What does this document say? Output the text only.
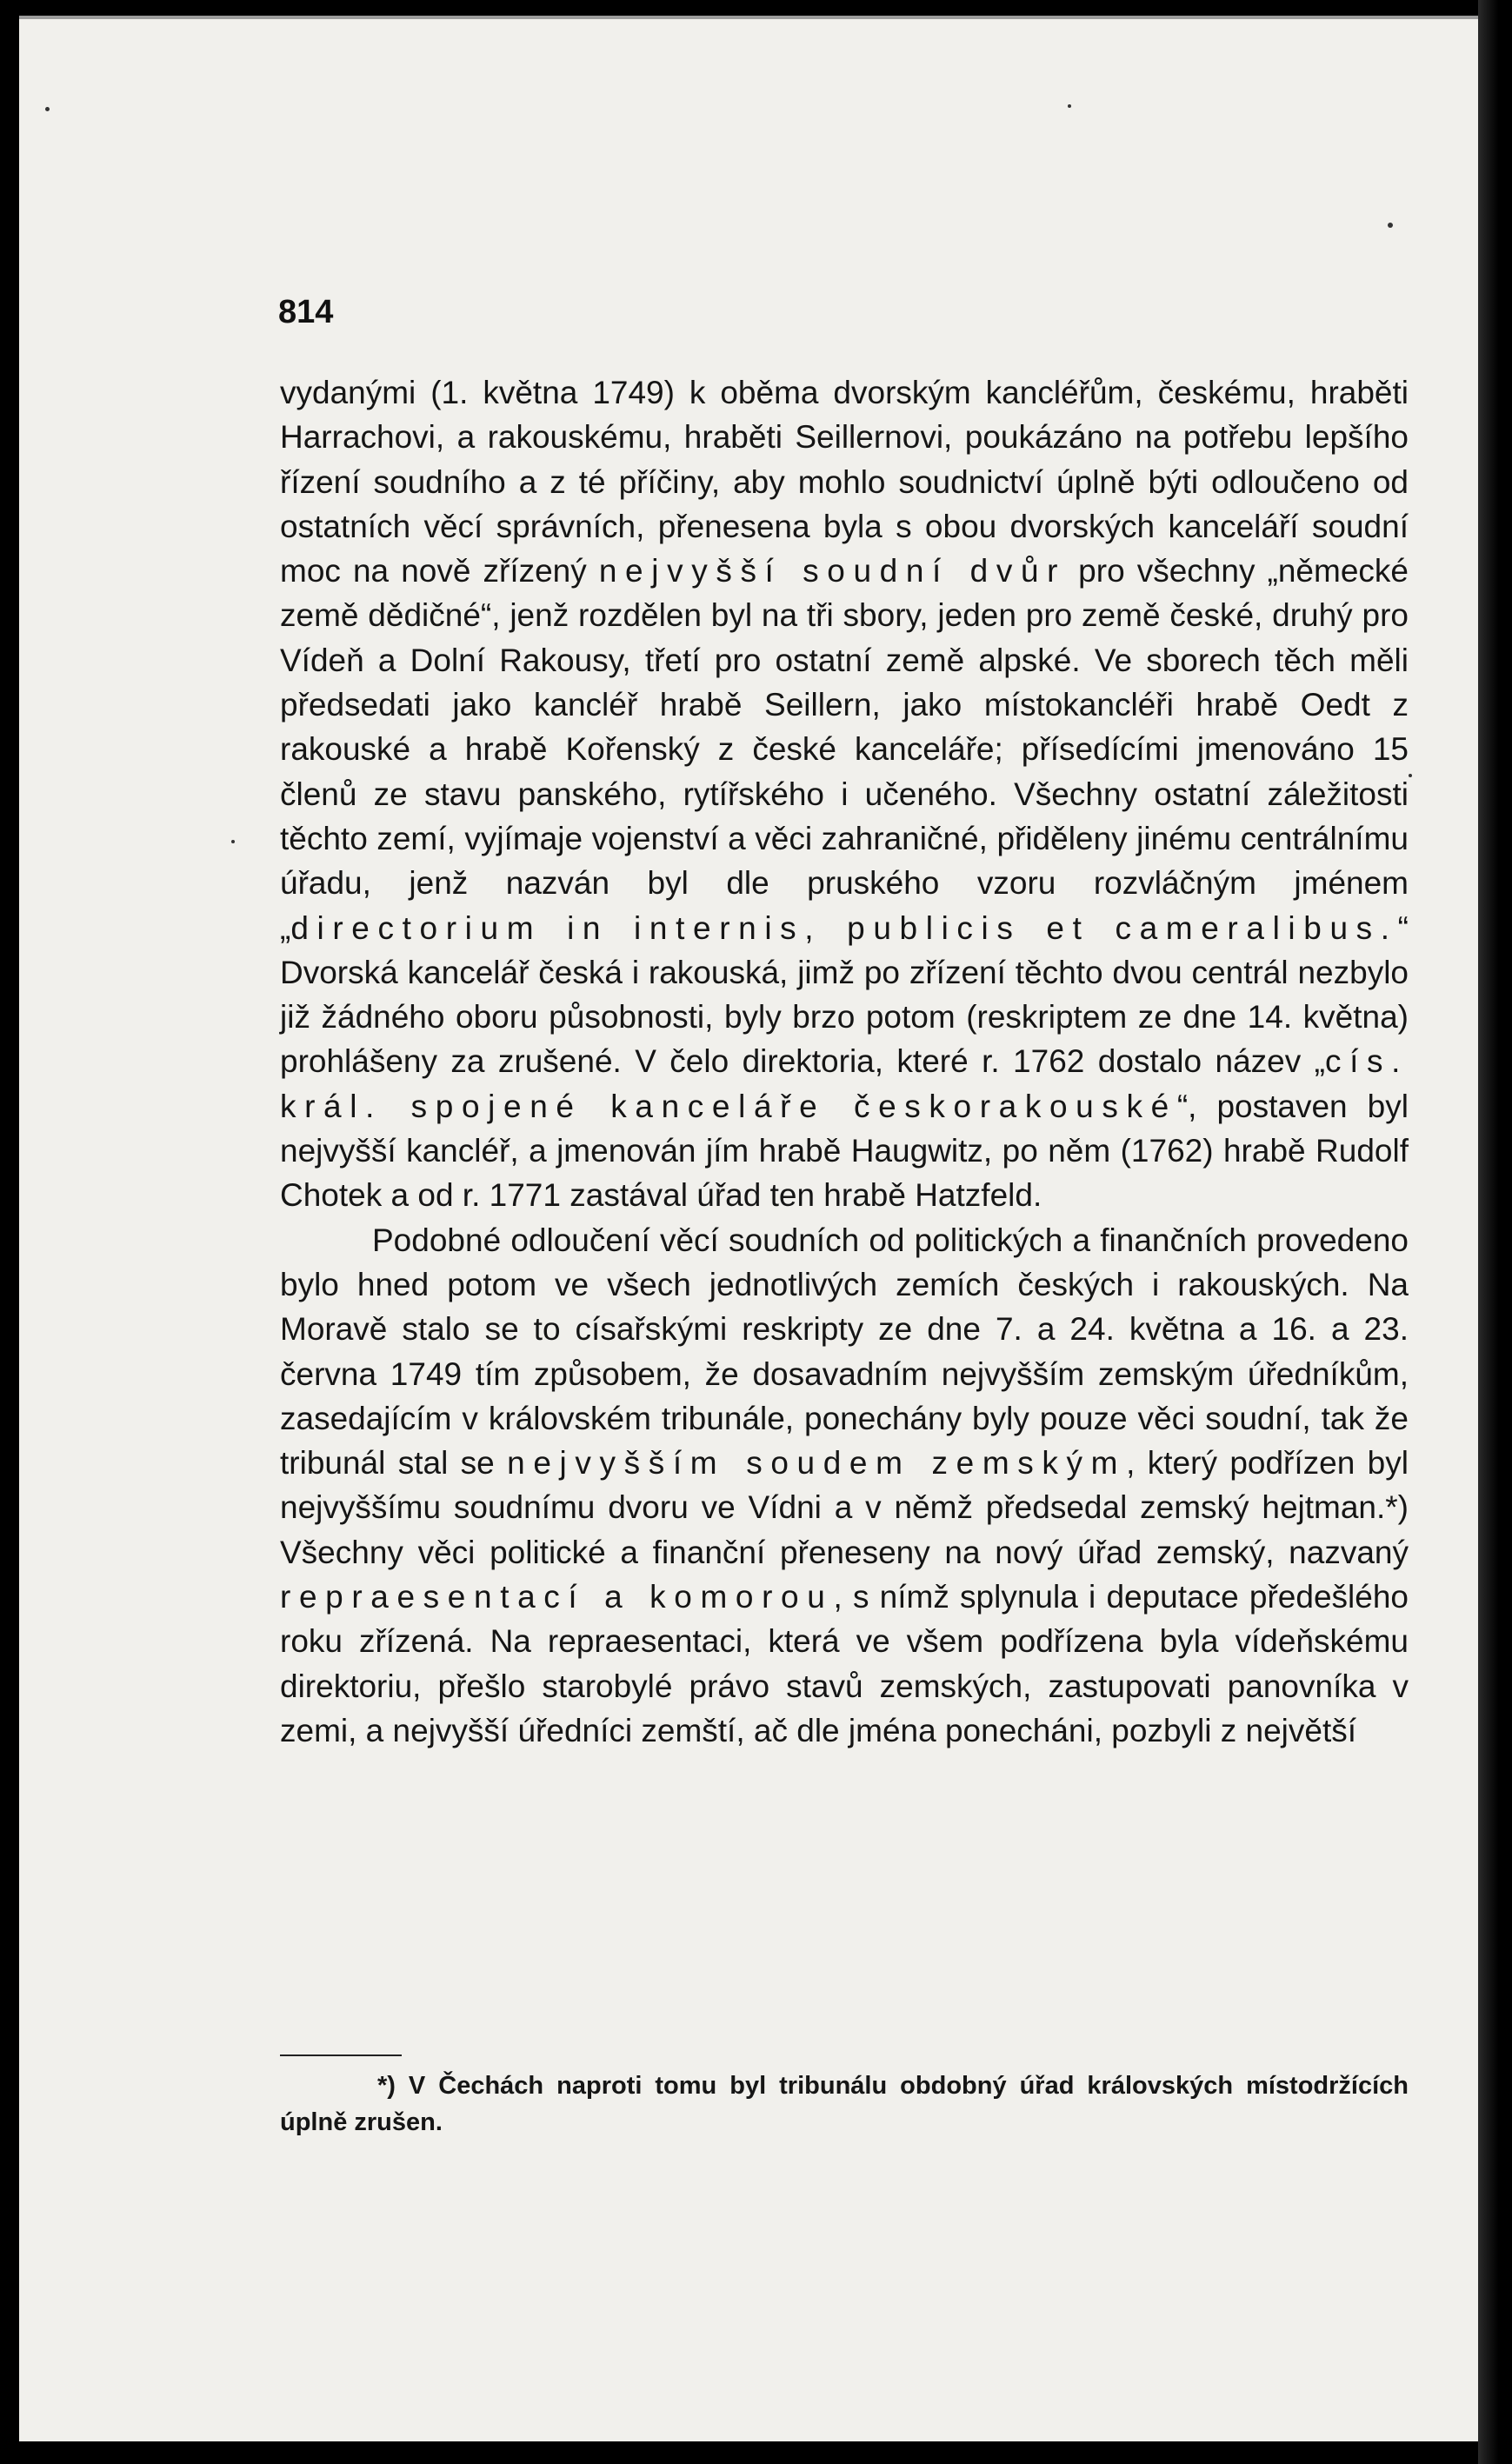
814

vydanými (1. května 1749) k oběma dvorským kancléřům, českému, hraběti Harrachovi, a rakouskému, hraběti Seillernovi, poukázáno na potřebu lepšího řízení soudního a z té příčiny, aby mohlo soudnictví úplně býti odloučeno od ostatních věcí správních, přenesena byla s obou dvorských kanceláří soudní moc na nově zřízený nejvyšší soudní dvůr pro všechny „německé země dědičné“, jenž rozdělen byl na tři sbory, jeden pro země české, druhý pro Vídeň a Dolní Rakousy, třetí pro ostatní země alpské. Ve sborech těch měli předsedati jako kancléř hrabě Seillern, jako místokancléři hrabě Oedt z rakouské a hrabě Kořenský z české kanceláře; přísedícími jmenováno 15 členů ze stavu panského, rytířského i učeného. Všechny ostatní záležitosti těchto zemí, vyjímaje vojenství a věci zahraničné, přiděleny jinému centrálnímu úřadu, jenž nazván byl dle pruského vzoru rozvláčným jménem „directorium in internis, publicis et cameralibus.“ Dvorská kancelář česká i rakouská, jimž po zřízení těchto dvou centrál nezbylo již žádného oboru působnosti, byly brzo potom (reskriptem ze dne 14. května) prohlášeny za zrušené. V čelo direktoria, které r. 1762 dostalo název „cís. král. spojené kanceláře českorakouské“, postaven byl nejvyšší kancléř, a jmenován jím hrabě Haugwitz, po něm (1762) hrabě Rudolf Chotek a od r. 1771 zastával úřad ten hrabě Hatzfeld.

Podobné odloučení věcí soudních od politických a finančních provedeno bylo hned potom ve všech jednotlivých zemích českých i rakouských. Na Moravě stalo se to císařskými reskripty ze dne 7. a 24. května a 16. a 23. června 1749 tím způsobem, že dosavadním nejvyšším zemským úředníkům, zasedajícím v královském tribunále, ponechány byly pouze věci soudní, tak že tribunál stal se nejvyšším soudem zemským, který podřízen byl nejvyššímu soudnímu dvoru ve Vídni a v němž předsedal zemský hejtman.*) Všechny věci politické a finanční přeneseny na nový úřad zemský, nazvaný repraesentací a komorou, s nímž splynula i deputace předešlého roku zřízená. Na repraesentaci, která ve všem podřízena byla vídeňskému direktoriu, přešlo starobylé právo stavů zemských, zastupovati panovníka v zemi, a nejvyšší úředníci zemští, ač dle jména ponecháni, pozbyli z největší

*) V Čechách naproti tomu byl tribunálu obdobný úřad královských místodržících úplně zrušen.
